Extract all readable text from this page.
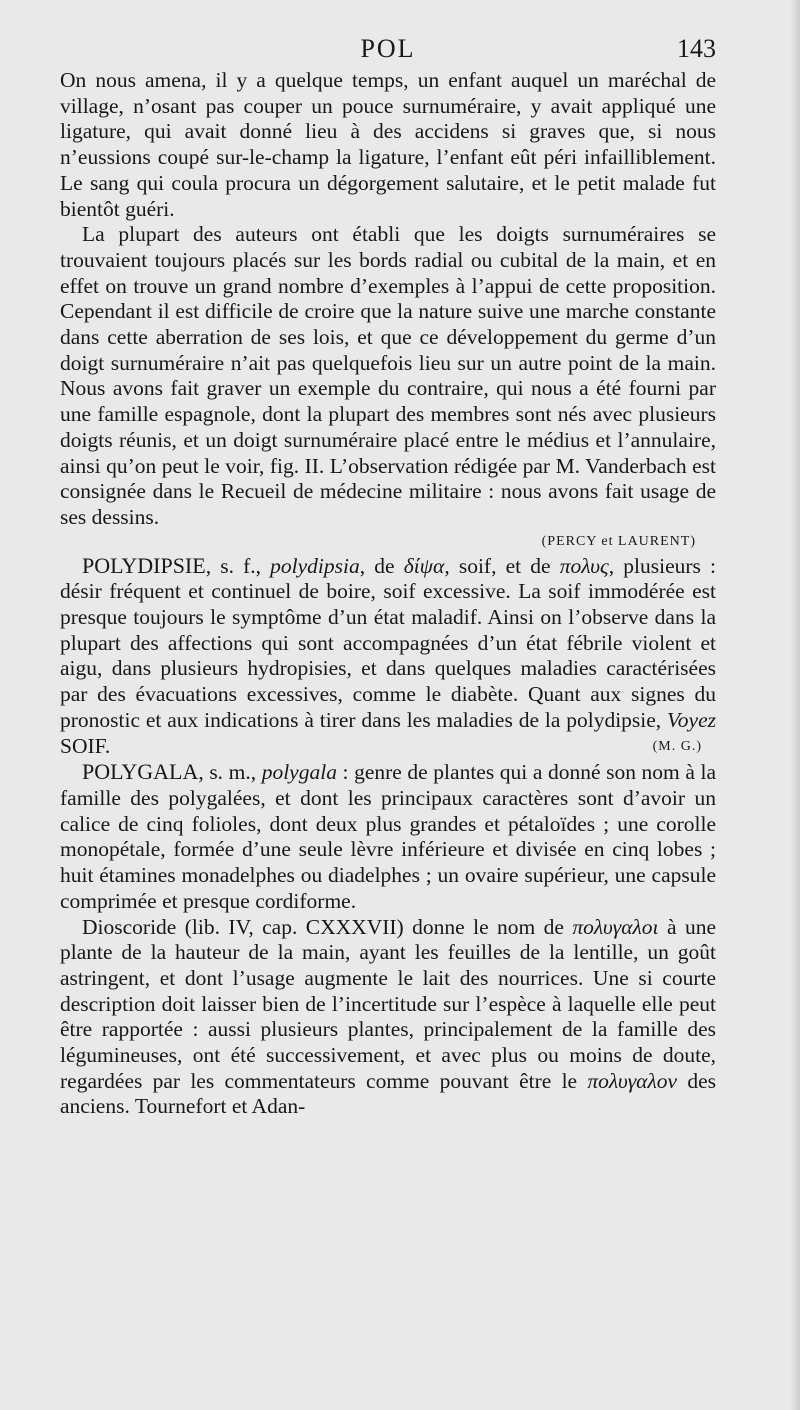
POL	143

On nous amena, il y a quelque temps, un enfant auquel un maréchal de village, n’osant pas couper un pouce surnuméraire, y avait appliqué une ligature, qui avait donné lieu à des accidens si graves que, si nous n’eussions coupé sur-le-champ la ligature, l’enfant eût péri infailliblement. Le sang qui coula procura un dégorgement salutaire, et le petit malade fut bientôt guéri.

La plupart des auteurs ont établi que les doigts surnuméraires se trouvaient toujours placés sur les bords radial ou cubital de la main, et en effet on trouve un grand nombre d’exemples à l’appui de cette proposition. Cependant il est difficile de croire que la nature suive une marche constante dans cette aberration de ses lois, et que ce développement du germe d’un doigt surnuméraire n’ait pas quelquefois lieu sur un autre point de la main. Nous avons fait graver un exemple du contraire, qui nous a été fourni par une famille espagnole, dont la plupart des membres sont nés avec plusieurs doigts réunis, et un doigt surnuméraire placé entre le médius et l’annulaire, ainsi qu’on peut le voir, fig. II. L’observation rédigée par M. Vanderbach est consignée dans le Recueil de médecine militaire : nous avons fait usage de ses dessins.

(PERCY et LAURENT)

POLYDIPSIE, s. f., polydipsia, de δίψα, soif, et de πολυς, plusieurs : désir fréquent et continuel de boire, soif excessive. La soif immodérée est presque toujours le symptôme d’un état maladif. Ainsi on l’observe dans la plupart des affections qui sont accompagnées d’un état fébrile violent et aigu, dans plusieurs hydropisies, et dans quelques maladies caractérisées par des évacuations excessives, comme le diabète. Quant aux signes du pronostic et aux indications à tirer dans les maladies de la polydipsie, Voyez SOIF.	(M. G.)

POLYGALA, s. m., polygala : genre de plantes qui a donné son nom à la famille des polygalées, et dont les principaux caractères sont d’avoir un calice de cinq folioles, dont deux plus grandes et pétaloïdes ; une corolle monopétale, formée d’une seule lèvre inférieure et divisée en cinq lobes ; huit étamines monadelphes ou diadelphes ; un ovaire supérieur, une capsule comprimée et presque cordiforme.

Dioscoride (lib. IV, cap. CXXXVII) donne le nom de πολυγαλοι à une plante de la hauteur de la main, ayant les feuilles de la lentille, un goût astringent, et dont l’usage augmente le lait des nourrices. Une si courte description doit laisser bien de l’incertitude sur l’espèce à laquelle elle peut être rapportée : aussi plusieurs plantes, principalement de la famille des légumineuses, ont été successivement, et avec plus ou moins de doute, regardées par les commentateurs comme pouvant être le πολυγαλον des anciens. Tournefort et Adan-
